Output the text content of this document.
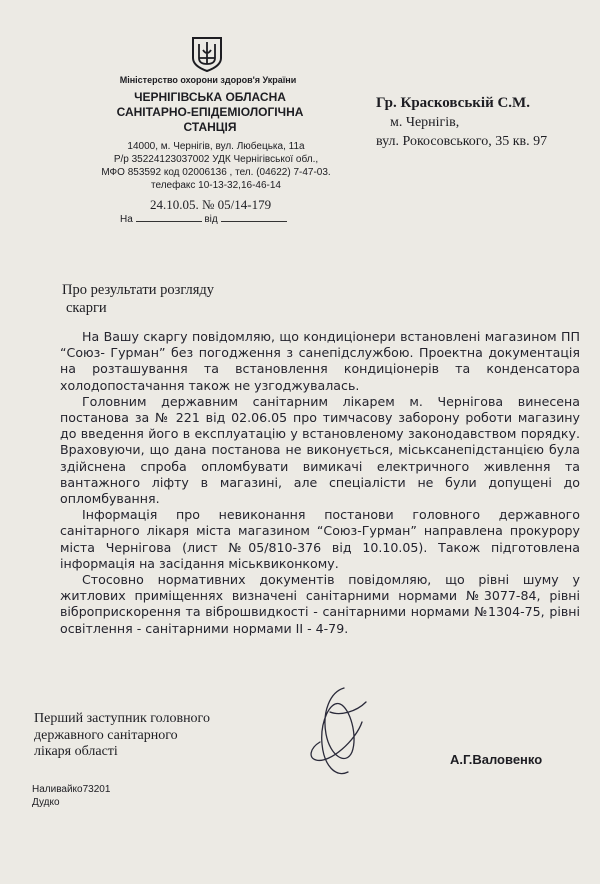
Міністерство охорони здоров'я України
ЧЕРНІГІВСЬКА ОБЛАСНА
САНІТАРНО-ЕПІДЕМІОЛОГІЧНА
СТАНЦІЯ
14000, м. Чернігів, вул. Любецька, 11а
Р/р 35224123037002 УДК Чернігівської обл.,
МФО 853592 код 02006136 , тел. (04622) 7-47-03.
телефакс 10-13-32,16-46-14
24.10.05. № 05/14-179
На	від
Гр. Красковській С.М.
м. Чернігів,
вул. Рокосовського, 35 кв. 97
Про результати розгляду
скарги

На Вашу скаргу повідомляю, що кондиціонери встановлені магазином ПП “Союз- Гурман” без погодження з санепідслужбою. Проектна документація на розташування та встановлення кондиціонерів та конденсатора холодопостачання також не узгоджувалась.

Головним державним санітарним лікарем м. Чернігова винесена постанова за № 221 від 02.06.05 про тимчасову заборону роботи магазину до введення його в експлуатацію у встановленому законодавством порядку. Враховуючи, що дана постанова не виконується, міськсанепідстанцією була здійснена спроба опломбувати вимикачі електричного живлення та вантажного ліфту в магазині, але спеціалісти не були допущені до опломбування.

Інформація про невиконання постанови головного державного санітарного лікаря міста магазином “Союз-Гурман” направлена прокурору міста Чернігова (лист №05/810-376 від 10.10.05). Також підготовлена інформація на засідання міськвиконкому.

Стосовно нормативних документів повідомляю, що рівні шуму у житлових приміщеннях визначені санітарними нормами №3077-84, рівні віброприскорення та віброшвидкості - санітарними нормами №1304-75, рівні освітлення - санітарними нормами II - 4-79.

Перший заступник головного
державного санітарного
лікаря області
А.Г.Валовенко
Наливайко73201
Дудко
